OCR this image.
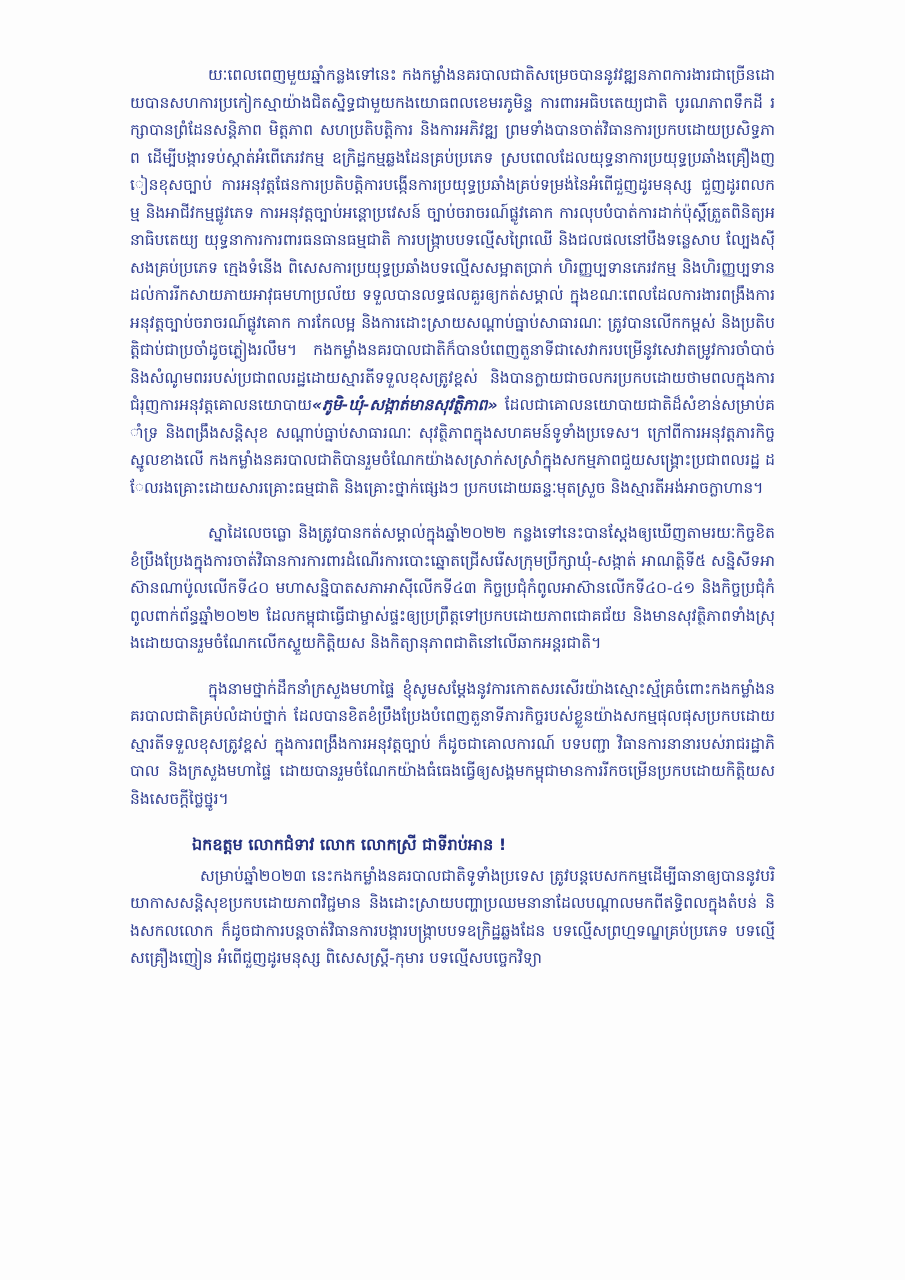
​យៈពេលពេញមួយឆ្នាំកន្លងទៅនេះ កងកម្លាំងនគរបាលជាតិសម្រេចបាននូវវឌ្ឍនភាពការងារជាច្រើនដោយបានសហការប្រកៀកស្មាយ៉ាងជិតស្និទ្ធជាមួយកងយោធពលខេមរភូមិន្ទ ការពារអធិបតេយ្យជាតិ បូរណភាពទឹកដី រក្សាបានព្រំដែនសន្តិភាព មិត្តភាព សហប្រតិបត្តិការ និងការអភិវឌ្ឍ ព្រមទាំងបានចាត់វិធានការប្រកបដោយប្រសិទ្ធភាព ដើម្បីបង្ការទប់ស្កាត់អំពើភេរវកម្ម ឧក្រិដ្ឋកម្មឆ្លងដែនគ្រប់ប្រភេទ ស្របពេលដែលយុទ្ធនាការប្រយុទ្ធប្រឆាំងគ្រឿងញៀនខុសច្បាប់ ការអនុវត្តផែនការប្រតិបត្តិការបង្កើនការប្រយុទ្ធប្រឆាំងគ្រប់ទម្រង់នៃអំពើជួញដូរមនុស្ស ជួញដូរពលកម្ម និងអាជីវកម្មផ្លូវភេទ ការអនុវត្តច្បាប់អន្តោប្រវេសន៍ ច្បាប់ចរាចរណ៍ផ្លូវគោក ការលុបបំបាត់ការដាក់ប៉ុស្តិ៍ត្រួតពិនិត្យអនាធិបតេយ្យ យុទ្ធនាការការពារធនធានធម្មជាតិ ការបង្ក្រាបបទល្មើសព្រៃឈើ និងជលផលនៅបឹងទន្លេសាប ល្បែងស៊ីសងគ្រប់ប្រភេទ ក្មេងទំនើង ពិសេសការប្រយុទ្ធប្រឆាំងបទល្មើសសម្អាតប្រាក់ ហិរញ្ញប្បទានភេរវកម្ម និងហិរញ្ញប្បទានដល់ការរីកសាយភាយអាវុធមហាប្រល័យ ទទួលបានលទ្ធផលគួរឲ្យកត់សម្គាល់ ក្នុងខណៈពេលដែលការងារពង្រឹងការអនុវត្តច្បាប់ចរាចរណ៍ផ្លូវគោក ការកែលម្អ និងការដោះស្រាយសណ្តាប់ធ្នាប់សាធារណៈ ត្រូវបានលើកកម្ពស់ និងប្រតិបត្តិជាប់ជាប្រចាំដូចភ្លៀងរលឹម។ កងកម្លាំងនគរបាលជាតិក៏បានបំពេញតួនាទីជាសេវាករបម្រើនូវសេវាតម្រូវការចាំបាច់ និងសំណូមពររបស់ប្រជាពលរដ្ឋដោយស្មារតីទទួលខុសត្រូវខ្ពស់ និងបានក្លាយជាចលករប្រកបដោយថាមពលក្នុងការជំរុញការអនុវត្តគោលនយោបាយ«ភូមិ-ឃុំ-សង្កាត់មានសុវត្ថិភាព» ដែលជាគោលនយោបាយជាតិដ៏សំខាន់សម្រាប់គាំទ្រ និងពង្រឹងសន្តិសុខ សណ្តាប់ធ្នាប់សាធារណៈ សុវត្ថិភាពក្នុងសហគមន៍ទូទាំងប្រទេស។ ក្រៅពីការអនុវត្តភារកិច្ចស្នូលខាងលើ កងកម្លាំងនគរបាលជាតិបានរួមចំណែកយ៉ាងសស្រាក់សស្រាំក្នុងសកម្មភាពជួយសង្គ្រោះប្រជាពលរដ្ឋ ដែលរងគ្រោះដោយសារគ្រោះធម្មជាតិ និងគ្រោះថ្នាក់ផ្សេងៗ ប្រកបដោយឆន្ទៈមុតស្រួច និងស្មារតីអង់អាចក្លាហាន។

ស្នាដៃលេចធ្លោ និងត្រូវបានកត់សម្គាល់ក្នុងឆ្នាំ២០២២ កន្លងទៅនេះបានស្តែងឲ្យឃើញតាមរយៈកិច្ចខិតខំប្រឹងប្រែងក្នុងការចាត់វិធានការការពារដំណើរការបោះឆ្នោតជ្រើសរើសក្រុមប្រឹក្សាឃុំ-សង្កាត់ អាណត្តិទី៥ សន្និសីទអាស៊ានណាប៉ូលលើកទី៤០ មហាសន្និបាតសភាអាស៊ីលើកទី៤៣ កិច្ចប្រជុំកំពូលអាស៊ានលើកទី៤០-៤១ និងកិច្ចប្រជុំកំពូលពាក់ព័ន្ធឆ្នាំ២០២២ ដែលកម្ពុជាធ្វើជាម្ចាស់ផ្ទះឲ្យប្រព្រឹត្តទៅប្រកបដោយភាពជោគជ័យ និងមានសុវត្ថិភាពទាំងស្រុងដោយបានរួមចំណែកលើកស្ទួយកិត្តិយស និងកិត្យានុភាពជាតិនៅលើឆាកអន្តរជាតិ។

ក្នុងនាមថ្នាក់ដឹកនាំក្រសួងមហាផ្ទៃ ខ្ញុំសូមសម្តែងនូវការកោតសរសើរយ៉ាងស្មោះស្ម័គ្រចំពោះកងកម្លាំងនគរបាលជាតិគ្រប់លំដាប់ថ្នាក់ ដែលបានខិតខំប្រឹងប្រែងបំពេញតួនាទីភារកិច្ចរបស់ខ្លួនយ៉ាងសកម្មផុលផុសប្រកបដោយស្មារតីទទួលខុសត្រូវខ្ពស់ ក្នុងការពង្រឹងការអនុវត្តច្បាប់ ក៏ដូចជាគោលការណ៍ បទបញ្ជា វិធានការនានារបស់រាជរដ្ឋាភិបាល និងក្រសួងមហាផ្ទៃ ដោយបានរួមចំណែកយ៉ាងធំធេងធ្វើឲ្យសង្គមកម្ពុជាមានការរីកចម្រើនប្រកបដោយកិត្តិយស និងសេចក្តីថ្លៃថ្នូរ។

ឯកឧត្តម លោកជំទាវ លោក លោកស្រី ជាទីរាប់អាន !

សម្រាប់ឆ្នាំ២០២៣ នេះកងកម្លាំងនគរបាលជាតិទូទាំងប្រទេស ត្រូវបន្តបេសកកម្មដើម្បីធានាឲ្យបាននូវបរិយាកាសសន្តិសុខប្រកបដោយភាពវិជ្ជមាន និងដោះស្រាយបញ្ហាប្រឈមនានាដែលបណ្តាលមកពីឥទ្ធិពលក្នុងតំបន់ និងសកលលោក ក៏ដូចជាការបន្តចាត់វិធានការបង្ការបង្ក្រាបបទឧក្រិដ្ឋឆ្លងដែន បទល្មើសព្រហ្មទណ្ឌគ្រប់ប្រភេទ បទល្មើសគ្រឿងញៀន អំពើជួញដូរមនុស្ស ពិសេសស្ត្រី-កុមារ បទល្មើសបច្ចេកវិទ្យា
